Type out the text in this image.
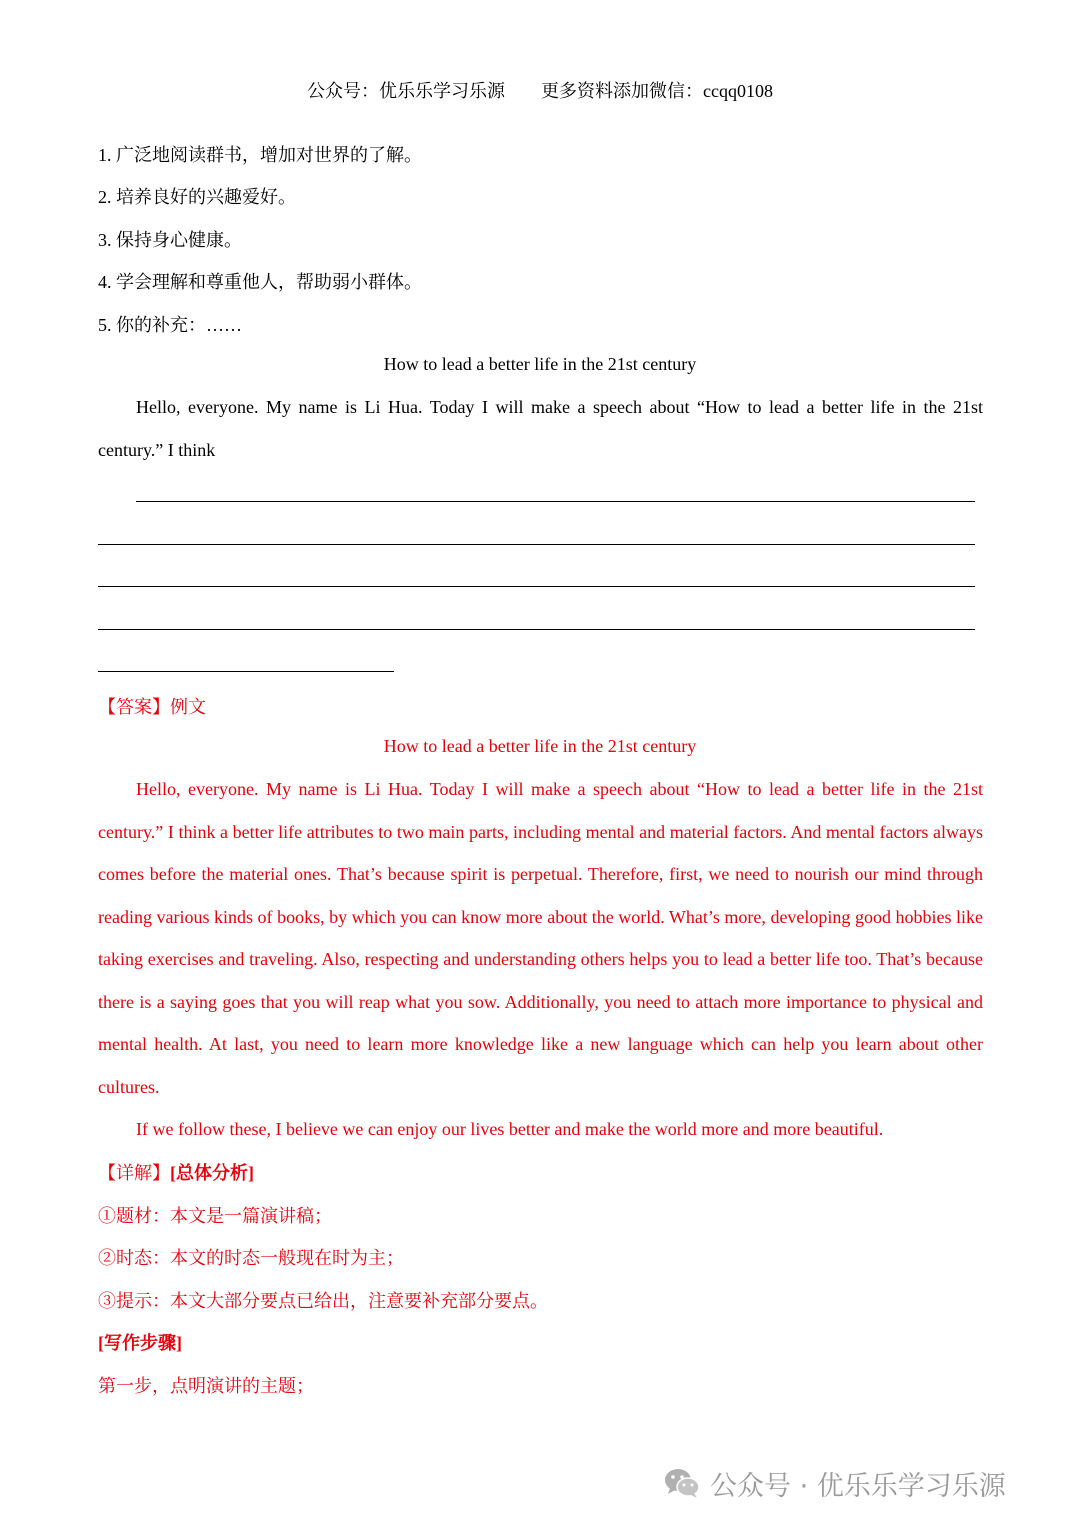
公众号：优乐乐学习乐源 更多资料添加微信：ccqq0108
1. 广泛地阅读群书，增加对世界的了解。
2. 培养良好的兴趣爱好。
3. 保持身心健康。
4. 学会理解和尊重他人，帮助弱小群体。
5. 你的补充：……
How to lead a better life in the 21st century

Hello, everyone. My name is Li Hua. Today I will make a speech about “How to lead a better life in the 21st century.” I think

【答案】例文
How to lead a better life in the 21st century

Hello, everyone. My name is Li Hua. Today I will make a speech about “How to lead a better life in the 21st century.” I think a better life attributes to two main parts, including mental and material factors. And mental factors always comes before the material ones. That’s because spirit is perpetual. Therefore, first, we need to nourish our mind through reading various kinds of books, by which you can know more about the world. What’s more, developing good hobbies like taking exercises and traveling. Also, respecting and understanding others helps you to lead a better life too. That’s because there is a saying goes that you will reap what you sow. Additionally, you need to attach more importance to physical and mental health. At last, you need to learn more knowledge like a new language which can help you learn about other cultures.

If we follow these, I believe we can enjoy our lives better and make the world more and more beautiful.

【详解】[总体分析]
①题材：本文是一篇演讲稿；
②时态：本文的时态一般现在时为主；
③提示：本文大部分要点已给出，注意要补充部分要点。
[写作步骤]
第一步，点明演讲的主题；
公众号 · 优乐乐学习乐源
